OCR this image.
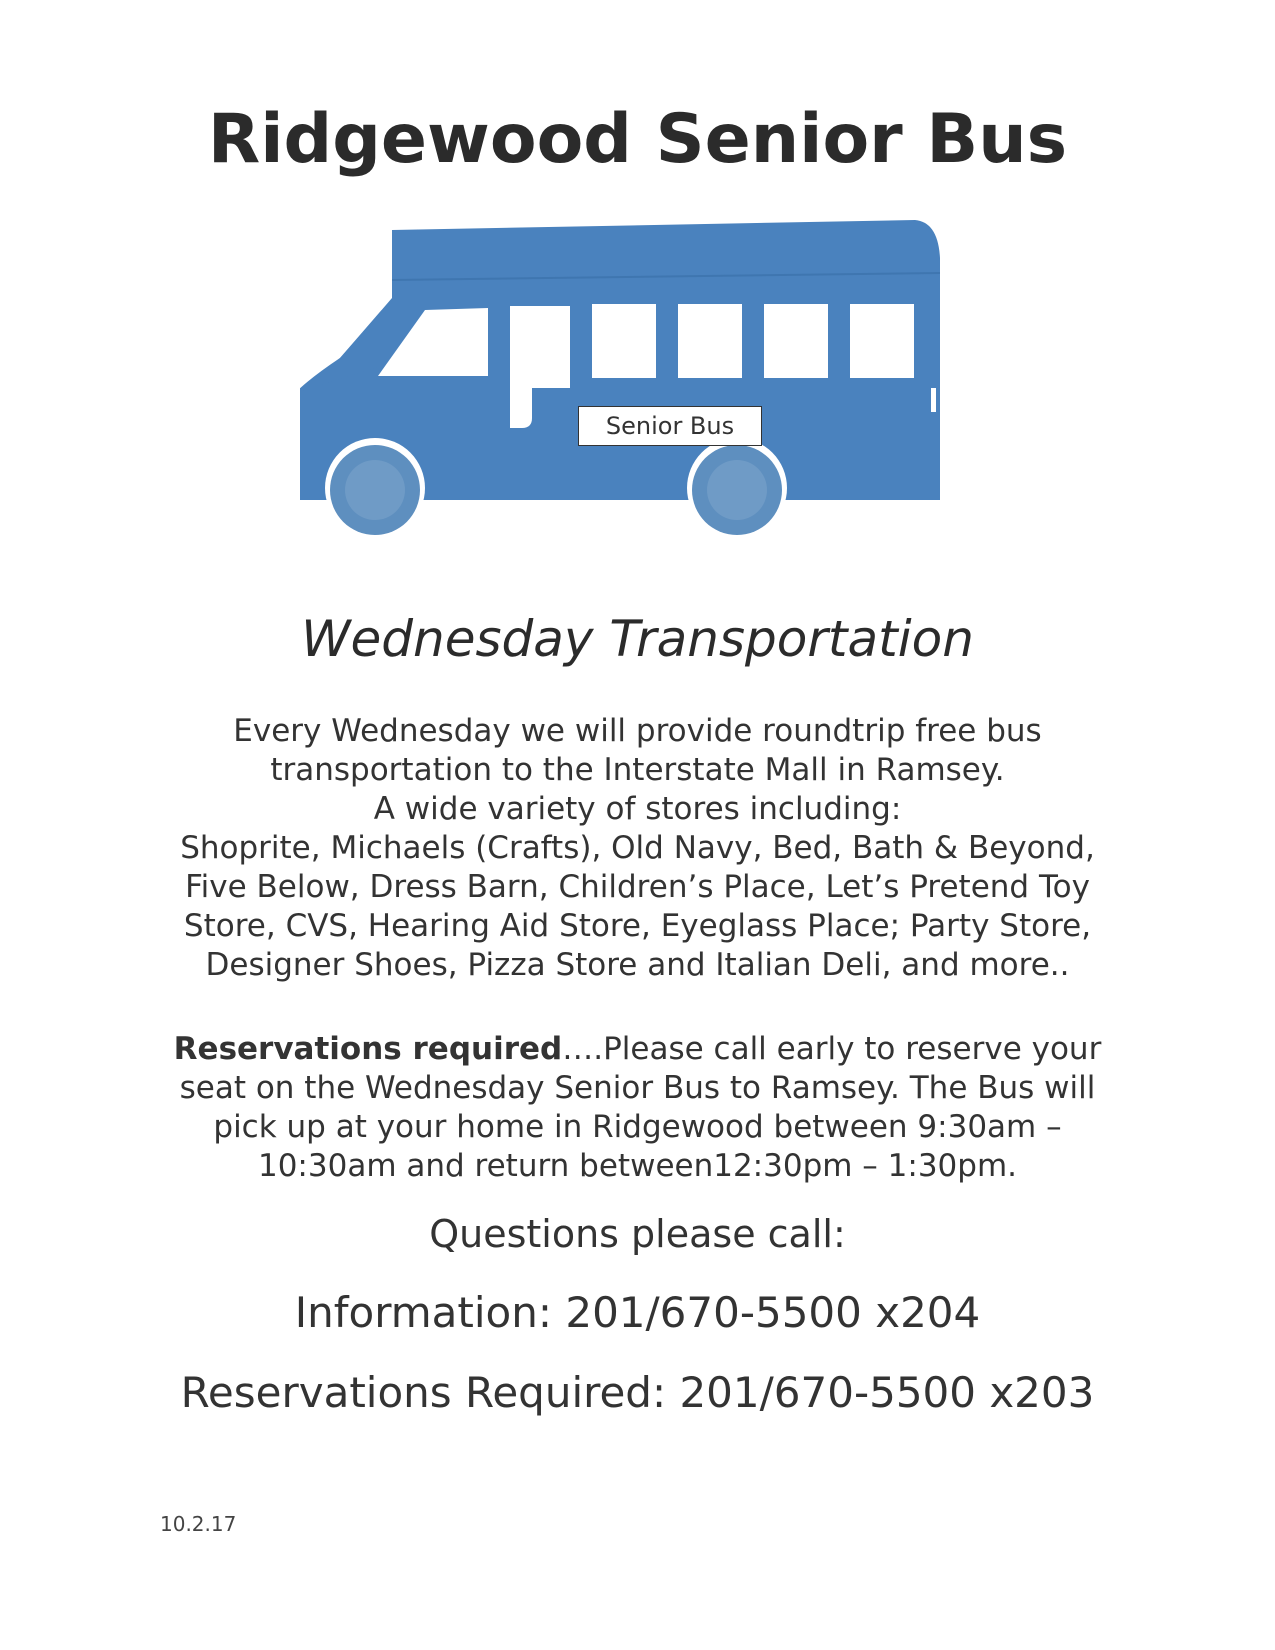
Ridgewood Senior Bus
Senior Bus
Wednesday Transportation
Every Wednesday we will provide roundtrip free bus
transportation to the Interstate Mall in Ramsey.
A wide variety of stores including:
Shoprite, Michaels (Crafts), Old Navy, Bed, Bath & Beyond,
Five Below, Dress Barn, Children’s Place, Let’s Pretend Toy
Store, CVS, Hearing Aid Store, Eyeglass Place; Party Store,
Designer Shoes, Pizza Store and Italian Deli, and more..
Reservations required….Please call early to reserve your
seat on the Wednesday Senior Bus to Ramsey. The Bus will
pick up at your home in Ridgewood between 9:30am –
10:30am and return between12:30pm – 1:30pm.
Questions please call:
Information: 201/670-5500 x204
Reservations Required: 201/670-5500 x203
10.2.17
